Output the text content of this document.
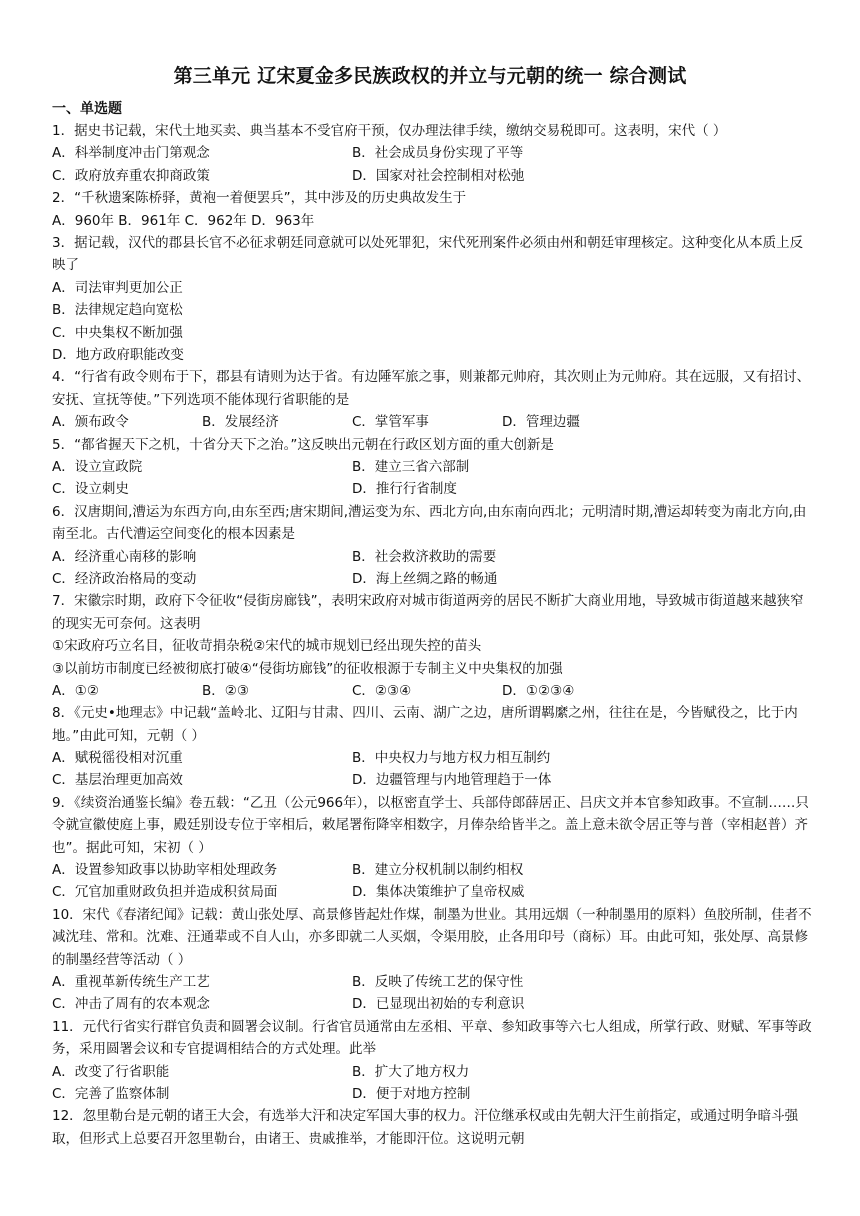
第三单元 辽宋夏金多民族政权的并立与元朝的统一 综合测试
一、单选题
1．据史书记载，宋代土地买卖、典当基本不受官府干预，仅办理法律手续，缴纳交易税即可。这表明，宋代（ ）
A．科举制度冲击门第观念	B．社会成员身份实现了平等
C．政府放弃重农抑商政策	D．国家对社会控制相对松弛
2．“千秋遗案陈桥驿，黄袍一着便罢兵”，其中涉及的历史典故发生于
A．960年 B．961年 C．962年 D．963年
3．据记载，汉代的郡县长官不必征求朝廷同意就可以处死罪犯，宋代死刑案件必须由州和朝廷审理核定。这种变化从本质上反映了
A．司法审判更加公正
B．法律规定趋向宽松
C．中央集权不断加强
D．地方政府职能改变
4．“行省有政令则布于下，郡县有请则为达于省。有边陲军旅之事，则兼都元帅府，其次则止为元帅府。其在远服，又有招讨、安抚、宣抚等使。”下列选项不能体现行省职能的是
A．颁布政令	B．发展经济	C．掌管军事	D．管理边疆
5．“都省握天下之机，十省分天下之治。”这反映出元朝在行政区划方面的重大创新是
A．设立宣政院	B．建立三省六部制
C．设立刺史	D．推行行省制度
6．汉唐期间,漕运为东西方向,由东至西;唐宋期间,漕运变为东、西北方向,由东南向西北；元明清时期,漕运却转变为南北方向,由南至北。古代漕运空间变化的根本因素是
A．经济重心南移的影响	B．社会救济救助的需要
C．经济政治格局的变动	D．海上丝绸之路的畅通
7．宋徽宗时期，政府下令征收“侵街房廊钱”，表明宋政府对城市街道两旁的居民不断扩大商业用地，导致城市街道越来越狭窄的现实无可奈何。这表明
①宋政府巧立名目，征收苛捐杂税②宋代的城市规划已经出现失控的苗头
③以前坊市制度已经被彻底打破④“侵街坊廊钱”的征收根源于专制主义中央集权的加强
A．①②	B．②③	C．②③④	D．①②③④
8．《元史•地理志》中记载“盖岭北、辽阳与甘肃、四川、云南、湖广之边，唐所谓羁縻之州，往往在是，今皆赋役之，比于内地。”由此可知，元朝（ ）
A．赋税徭役相对沉重	B．中央权力与地方权力相互制约
C．基层治理更加高效	D．边疆管理与内地管理趋于一体
9．《续资治通鉴长编》卷五载：“乙丑（公元966年），以枢密直学士、兵部侍郎薛居正、吕庆文并本官参知政事。不宣制……只令就宣徽使庭上事，殿廷别设专位于宰相后，敕尾署衔降宰相数字，月俸杂给皆半之。盖上意未欲令居正等与普（宰相赵普）齐也”。据此可知，宋初（ ）
A．设置参知政事以协助宰相处理政务	B．建立分权机制以制约相权
C．冗官加重财政负担并造成积贫局面	D．集体决策维护了皇帝权威
10．宋代《春渚纪闻》记载：黄山张处厚、高景修皆起灶作煤，制墨为世业。其用远烟（一种制墨用的原料）鱼胶所制，佳者不减沈珪、常和。沈难、汪通辈或不自人山，亦多即就二人买烟，令渠用胶，止各用印号（商标）耳。由此可知，张处厚、高景修的制墨经营等活动（ ）
A．重视革新传统生产工艺	B．反映了传统工艺的保守性
C．冲击了周有的农本观念	D．已显现出初始的专利意识
11．元代行省实行群官负责和圆署会议制。行省官员通常由左丞相、平章、参知政事等六七人组成，所掌行政、财赋、军事等政务，采用圆署会议和专官提调相结合的方式处理。此举
A．改变了行省职能	B．扩大了地方权力
C．完善了监察体制	D．便于对地方控制
12．忽里勒台是元朝的诸王大会，有选举大汗和决定军国大事的权力。汗位继承权或由先朝大汗生前指定，或通过明争暗斗强取，但形式上总要召开忽里勒台，由诸王、贵戚推举，才能即汗位。这说明元朝
